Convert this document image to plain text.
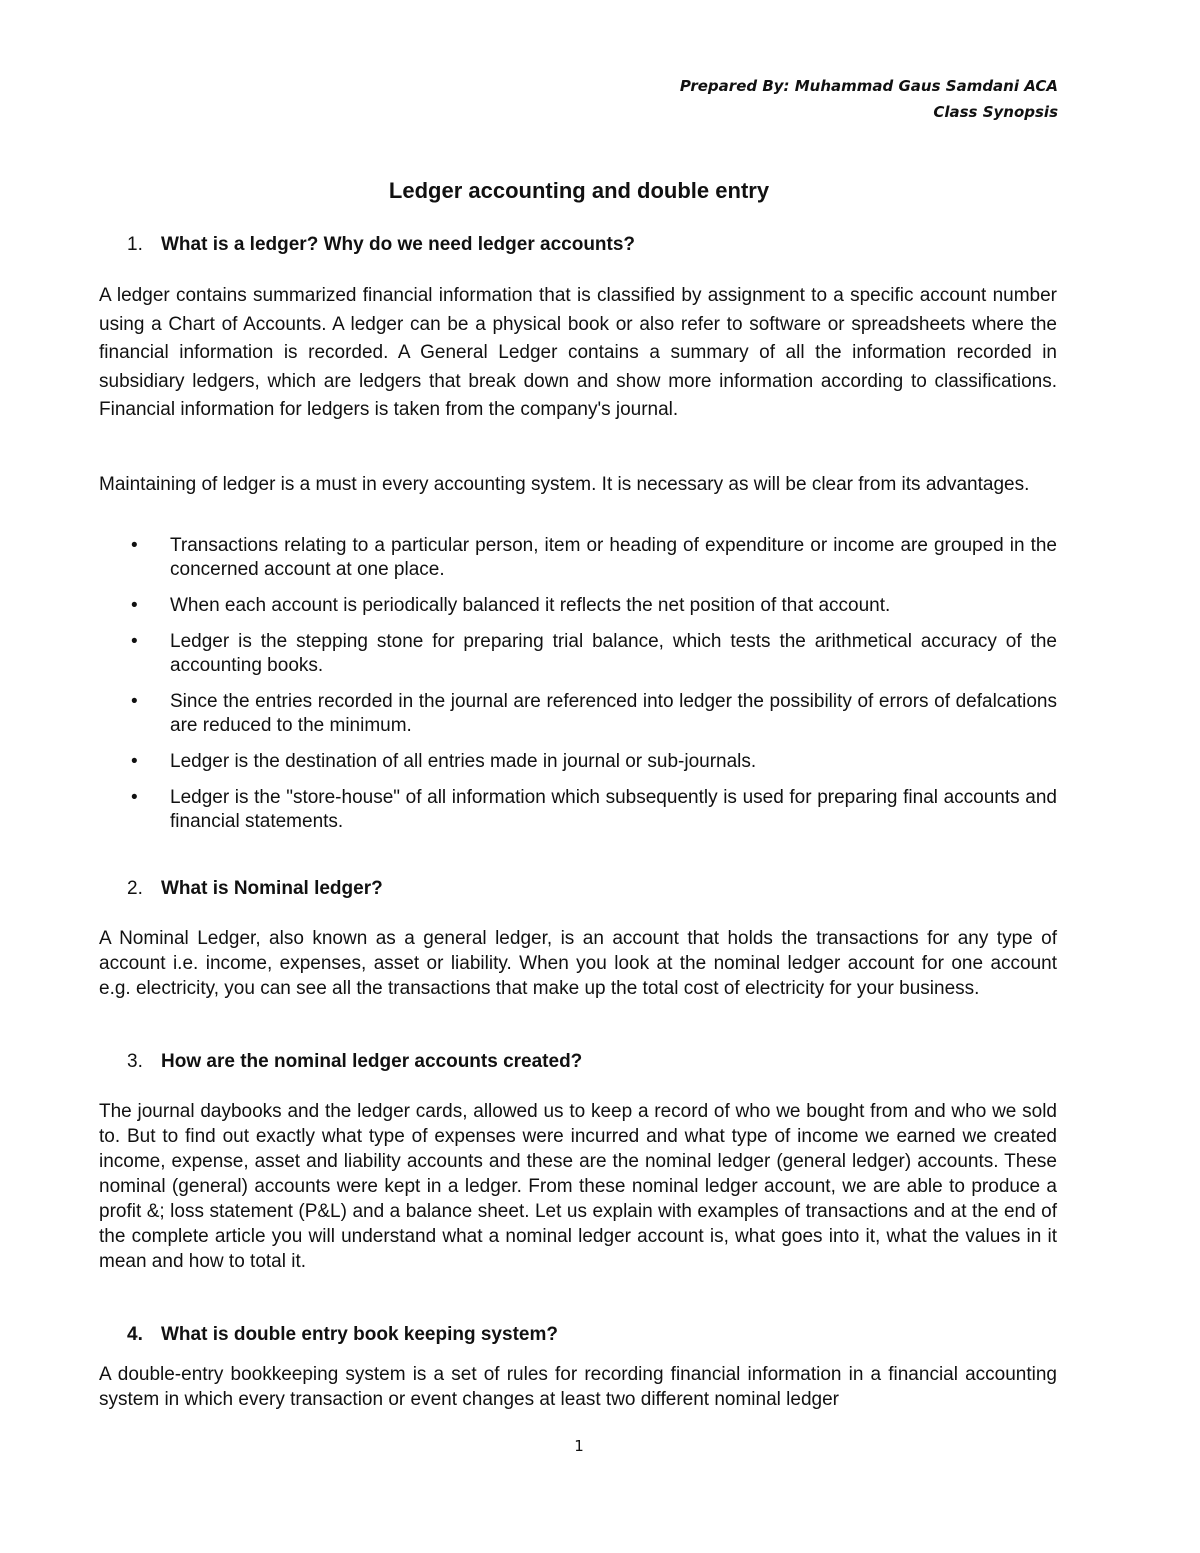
Prepared By: Muhammad Gaus Samdani ACA
Class Synopsis
Ledger accounting and double entry
1. What is a ledger? Why do we need ledger accounts?
A ledger contains summarized financial information that is classified by assignment to a specific account number using a Chart of Accounts. A ledger can be a physical book or also refer to software or spreadsheets where the financial information is recorded. A General Ledger contains a summary of all the information recorded in subsidiary ledgers, which are ledgers that break down and show more information according to classifications. Financial information for ledgers is taken from the company's journal.
Maintaining of ledger is a must in every accounting system. It is necessary as will be clear from its advantages.
• Transactions relating to a particular person, item or heading of expenditure or income are grouped in the concerned account at one place.
• When each account is periodically balanced it reflects the net position of that account.
• Ledger is the stepping stone for preparing trial balance, which tests the arithmetical accuracy of the accounting books.
• Since the entries recorded in the journal are referenced into ledger the possibility of errors of defalcations are reduced to the minimum.
• Ledger is the destination of all entries made in journal or sub-journals.
• Ledger is the "store-house" of all information which subsequently is used for preparing final accounts and financial statements.
2. What is Nominal ledger?
A Nominal Ledger, also known as a general ledger, is an account that holds the transactions for any type of account i.e. income, expenses, asset or liability. When you look at the nominal ledger account for one account e.g. electricity, you can see all the transactions that make up the total cost of electricity for your business.
3. How are the nominal ledger accounts created?
The journal daybooks and the ledger cards, allowed us to keep a record of who we bought from and who we sold to. But to find out exactly what type of expenses were incurred and what type of income we earned we created income, expense, asset and liability accounts and these are the nominal ledger (general ledger) accounts. These nominal (general) accounts were kept in a ledger. From these nominal ledger account, we are able to produce a profit &; loss statement (P&L) and a balance sheet. Let us explain with examples of transactions and at the end of the complete article you will understand what a nominal ledger account is, what goes into it, what the values in it mean and how to total it.
4. What is double entry book keeping system?
A double-entry bookkeeping system is a set of rules for recording financial information in a financial accounting system in which every transaction or event changes at least two different nominal ledger
1
